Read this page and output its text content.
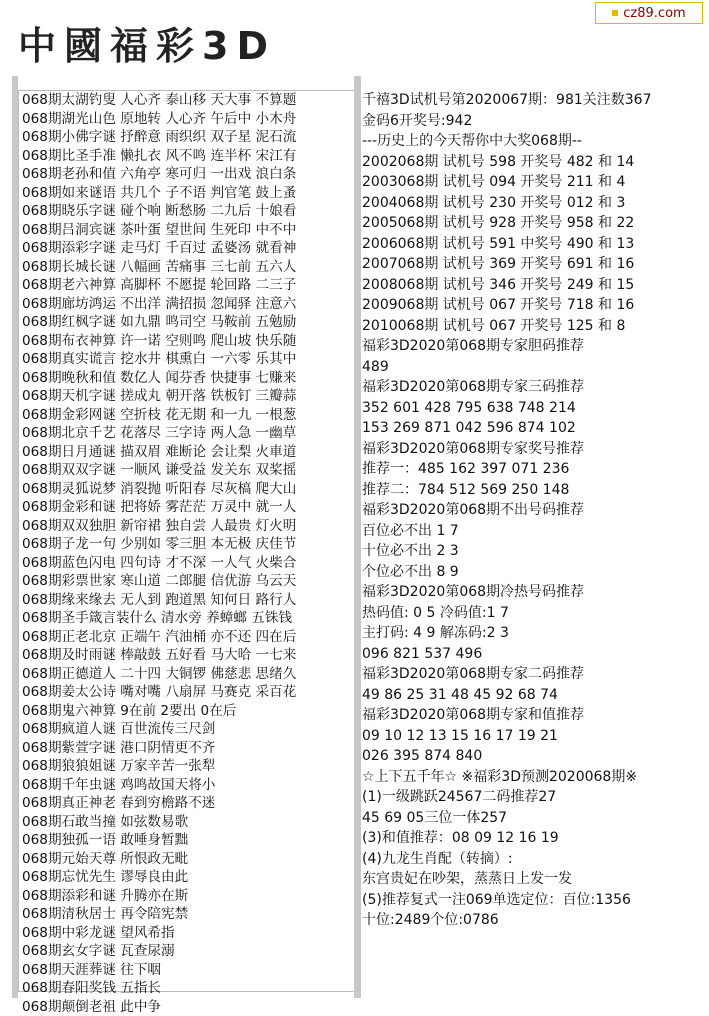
中國福彩3D
cz89.com
068期太湖钓叟 人心齐 泰山移 天大事 不算题
068期湖光山色 原地转 人心齐 午后中 小木舟
068期小佛字谜 抒醉意 雨织织 双子星 泥石流
068期比圣手准 懒扎衣 风不鸣 连半杯 宋江有
068期老孙和值 六角亭 寒可归 一出戏 浪白条
068期如来谜语 共几个 子不语 判官笔 鼓上蚤
068期晓乐字谜 碰个响 断愁肠 二九后 十娘看
068期吕洞宾谜 茶叶蛋 望世间 生死印 中不中
068期添彩字谜 走马灯 千百过 孟婆汤 就看神
068期长城长谜 八幅画 苦痛事 三七前 五六人
068期老六神算 高脚杯 不愿提 轮回路 二三子
068期廊坊鸿运 不出洋 满招损 忽闻驿 注意六
068期红枫字谜 如九鼎 鸣司空 马鞍前 五勉励
068期布衣神算 许一诺 空则鸣 爬山坡 快乐随
068期真实谎言 挖水井 棋熏白 一六零 乐其中
068期晚秋和值 数亿人 闻芬香 快捷事 七赚来
068期天机字谜 搓成丸 朝开落 铁板钉 三瓣蒜
068期金彩网谜 空折枝 花无期 和一九 一根葱
068期北京千艺 花落尽 三字诗 两人急 一幽草
068期日月通谜 描双眉 难断论 会让梨 火車道
068期双双字谜 一顺风 谦受益 发关东 双桨摇
068期灵狐说梦 消裂抛 听阳春 尽灰槁 爬大山
068期金彩和谜 把将娇 雾茫茫 万灵中 就一人
068期双双独胆 新帘裙 独自尝 人最贵 灯火明
068期子龙一句 少别如 零三胆 本无极 庆佳节
068期蓝色闪电 四句诗 才不深 一人气 火柴合
068期彩票世家 寒山道 二郎腿 信优游 乌云天
068期缘来缘去 无人到 跑道黑 知何日 路行人
068期圣手箴言装什么 清水旁 养蟑螂 五铢钱
068期正老北京 正端午 汽油桶 亦不还 四在后
068期及时雨谜 棒敲鼓 五好看 马大哈 一七来
068期正德道人 二十四 大铜锣 佛慈悲 思绪久
068期姜太公诗 嘴对嘴 八扇屏 马赛克 采百花
068期鬼六神算 9在前 2要出 0在后
068期疯道人谜 百世流传三尺剑
068期紫萱字谜 港口阴情更不齐
068期狼狼姐谜 万家辛苦一张犁
068期千年虫谜 鸡鸣故国天将小
068期真正神老 春到穷檐路不迷
068期石敢当撞 如弦数易歌
068期独孤一语 敢唾身暂黜
068期元始天尊 所恨政无毗
068期忘忧先生 谬辱良由此
068期添彩和谜 升腾亦在斯
068期清秋居士 再令陪宪禁
068期中彩龙谜 望风希指
068期玄女字谜 瓦查尿溺
068期天涯葬谜 往下咽
068期春阳奖钱 五指长
068期颠倒老祖 此中争
千禧3D试机号第2020067期：981关注数367
金码6开奖号:942
---历史上的今天帮你中大奖068期--
2002068期 试机号 598 开奖号 482 和 14
2003068期 试机号 094 开奖号 211 和 4
2004068期 试机号 230 开奖号 012 和 3
2005068期 试机号 928 开奖号 958 和 22
2006068期 试机号 591 中奖号 490 和 13
2007068期 试机号 369 开奖号 691 和 16
2008068期 试机号 346 开奖号 249 和 15
2009068期 试机号 067 开奖号 718 和 16
2010068期 试机号 067 开奖号 125 和 8
福彩3D2020第068期专家胆码推荐
489
福彩3D2020第068期专家三码推荐
352 601 428 795 638 748 214
153 269 871 042 596 874 102
福彩3D2020第068期专家奖号推荐
推荐一：485 162 397 071 236
推荐二：784 512 569 250 148
福彩3D2020第068期不出号码推荐
百位必不出 1 7
十位必不出 2 3
个位必不出 8 9
福彩3D2020第068期冷热号码推荐
热码值: 0 5 冷码值:1 7
主打码: 4 9 解冻码:2 3
096 821 537 496
福彩3D2020第068期专家二码推荐
49 86 25 31 48 45 92 68 74
福彩3D2020第068期专家和值推荐
09 10 12 13 15 16 17 19 21
026 395 874 840
☆上下五千年☆ ※福彩3D预测2020068期※
(1)一级跳跃24567二码推荐27
45 69 05三位一体257
(3)和值推荐：08 09 12 16 19
(4)九龙生肖配（转摘）:
东宫贵妃在吵架，蒸蒸日上发一发
(5)推荐复式一注069单选定位：百位:1356
十位:2489个位:0786
